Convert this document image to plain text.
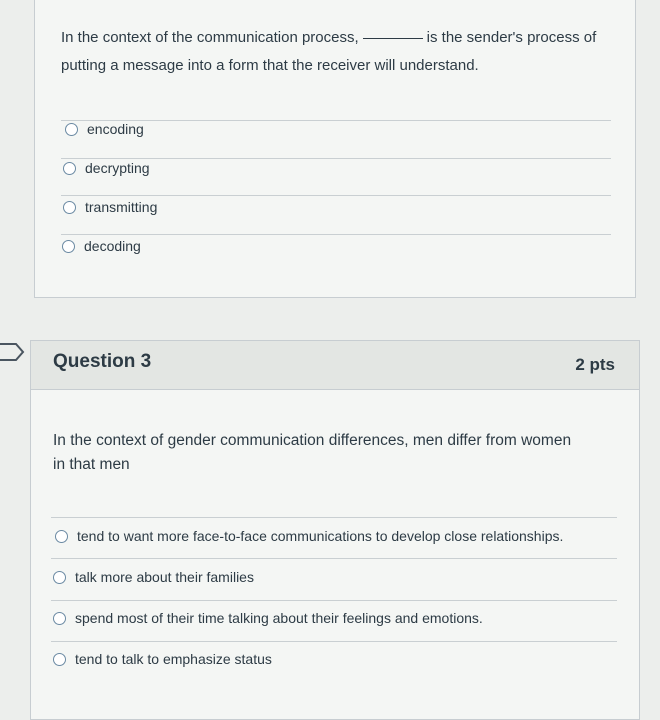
In the context of the communication process,	is the sender's process of putting a message into a form that the receiver will understand.
encoding
decrypting
transmitting
decoding
Question 3	2 pts
In the context of gender communication differences, men differ from women in that men
tend to want more face-to-face communications to develop close relationships.
talk more about their families
spend most of their time talking about their feelings and emotions.
tend to talk to emphasize status
